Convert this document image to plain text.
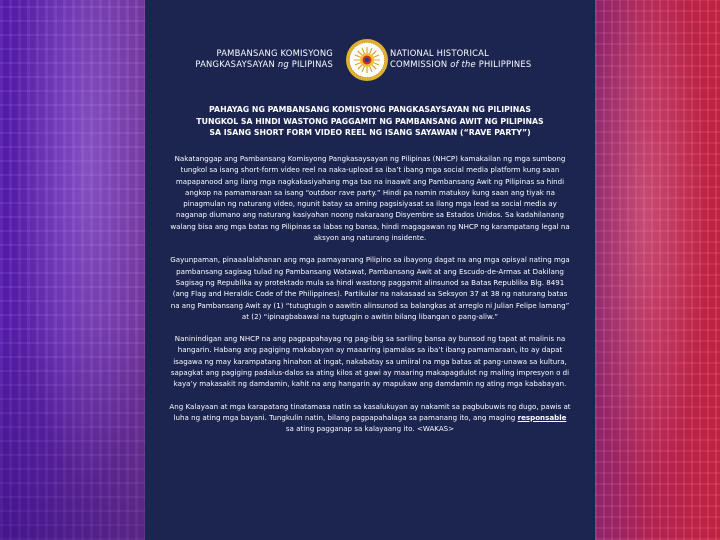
PAMBANSANG KOMISYONG
PANGKASAYSAYAN ng PILIPINAS
NATIONAL HISTORICAL
COMMISSION of the PHILIPPINES
PAHAYAG NG PAMBANSANG KOMISYONG PANGKASAYSAYAN NG PILIPINAS
TUNGKOL SA HINDI WASTONG PAGGAMIT NG PAMBANSANG AWIT NG PILIPINAS
SA ISANG SHORT FORM VIDEO REEL NG ISANG SAYAWAN (“RAVE PARTY”)

Nakatanggap ang Pambansang Komisyong Pangkasaysayan ng Pilipinas (NHCP) kamakailan ng mga sumbong tungkol sa isang short-form video reel na naka-upload sa iba’t ibang mga social media platform kung saan mapapanood ang ilang mga nagkakasiyahang mga tao na inaawit ang Pambansang Awit ng Pilipinas sa hindi angkop na pamamaraan sa isang “outdoor rave party.” Hindi pa namin matukoy kung saan ang tiyak na pinagmulan ng naturang video, ngunit batay sa aming pagsisiyasat sa ilang mga lead sa social media ay naganap diumano ang naturang kasiyahan noong nakaraang Disyembre sa Estados Unidos. Sa kadahilanang walang bisa ang mga batas ng Pilipinas sa labas ng bansa, hindi magagawan ng NHCP ng karampatang legal na aksyon ang naturang insidente.

Gayunpaman, pinaaalalahanan ang mga pamayanang Pilipino sa ibayong dagat na ang mga opisyal nating mga pambansang sagisag tulad ng Pambansang Watawat, Pambansang Awit at ang Escudo-de-Armas at Dakilang Sagisag ng Republika ay protektado mula sa hindi wastong paggamit alinsunod sa Batas Republika Blg. 8491 (ang Flag and Heraldic Code of the Philippines). Partikular na nakasaad sa Seksyon 37 at 38 ng naturang batas na ang Pambansang Awit ay (1) “tutugtugin o aawitin alinsunod sa balangkas at arreglo ni Julian Felipe lamang” at (2) “ipinagbabawal na tugtugin o awitin bilang libangan o pang-aliw.”

Naninindigan ang NHCP na ang pagpapahayag ng pag-ibig sa sariling bansa ay bunsod ng tapat at malinis na hangarin. Habang ang pagiging makabayan ay maaaring ipamalas sa iba’t ibang pamamaraan, ito ay dapat isagawa ng may karampatang hinahon at ingat, nakabatay sa umiiral na mga batas at pang-unawa sa kultura, sapagkat ang pagiging padalus-dalos sa ating kilos at gawi ay maaring makapagdulot ng maling impresyon o di kaya’y makasakit ng damdamin, kahit na ang hangarin ay mapukaw ang damdamin ng ating mga kababayan.

Ang Kalayaan at mga karapatang tinatamasa natin sa kasalukuyan ay nakamit sa pagbubuwis ng dugo, pawis at luha ng ating mga bayani. Tungkulin natin, bilang pagpapahalaga sa pamanang ito, ang maging responsable sa ating pagganap sa kalayaang ito. <WAKAS>
